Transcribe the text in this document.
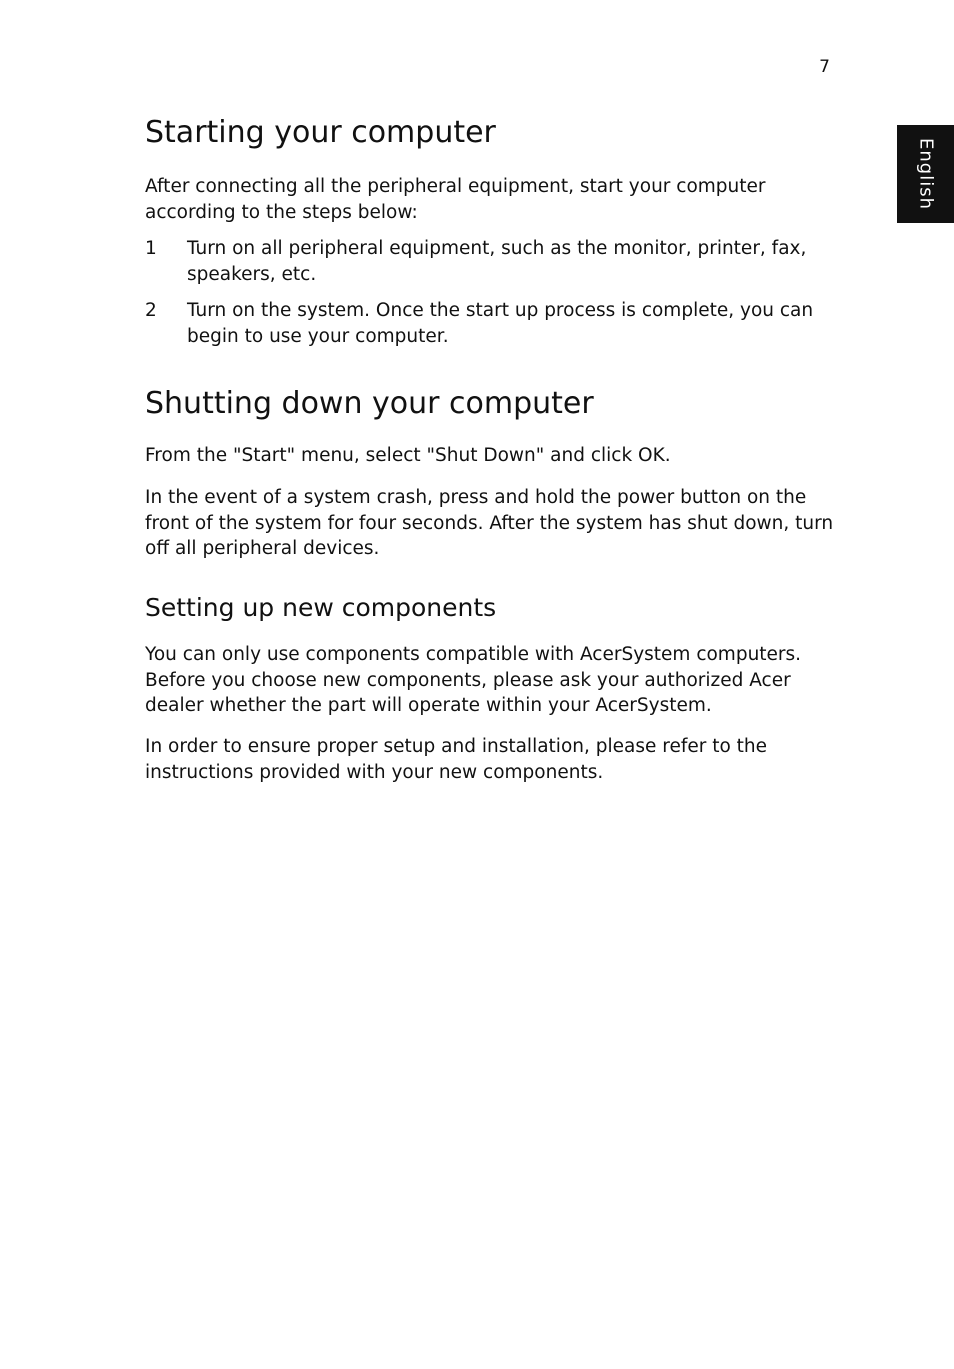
7
English
Starting your computer

After connecting all the peripheral equipment, start your computer according to the steps below:

1	Turn on all peripheral equipment, such as the monitor, printer, fax, speakers, etc.
2	Turn on the system. Once the start up process is complete, you can begin to use your computer.
Shutting down your computer

From the "Start" menu, select "Shut Down" and click OK.

In the event of a system crash, press and hold the power button on the front of the system for four seconds. After the system has shut down, turn off all peripheral devices.

Setting up new components

You can only use components compatible with AcerSystem computers. Before you choose new components, please ask your authorized Acer dealer whether the part will operate within your AcerSystem.

In order to ensure proper setup and installation, please refer to the instructions provided with your new components.
